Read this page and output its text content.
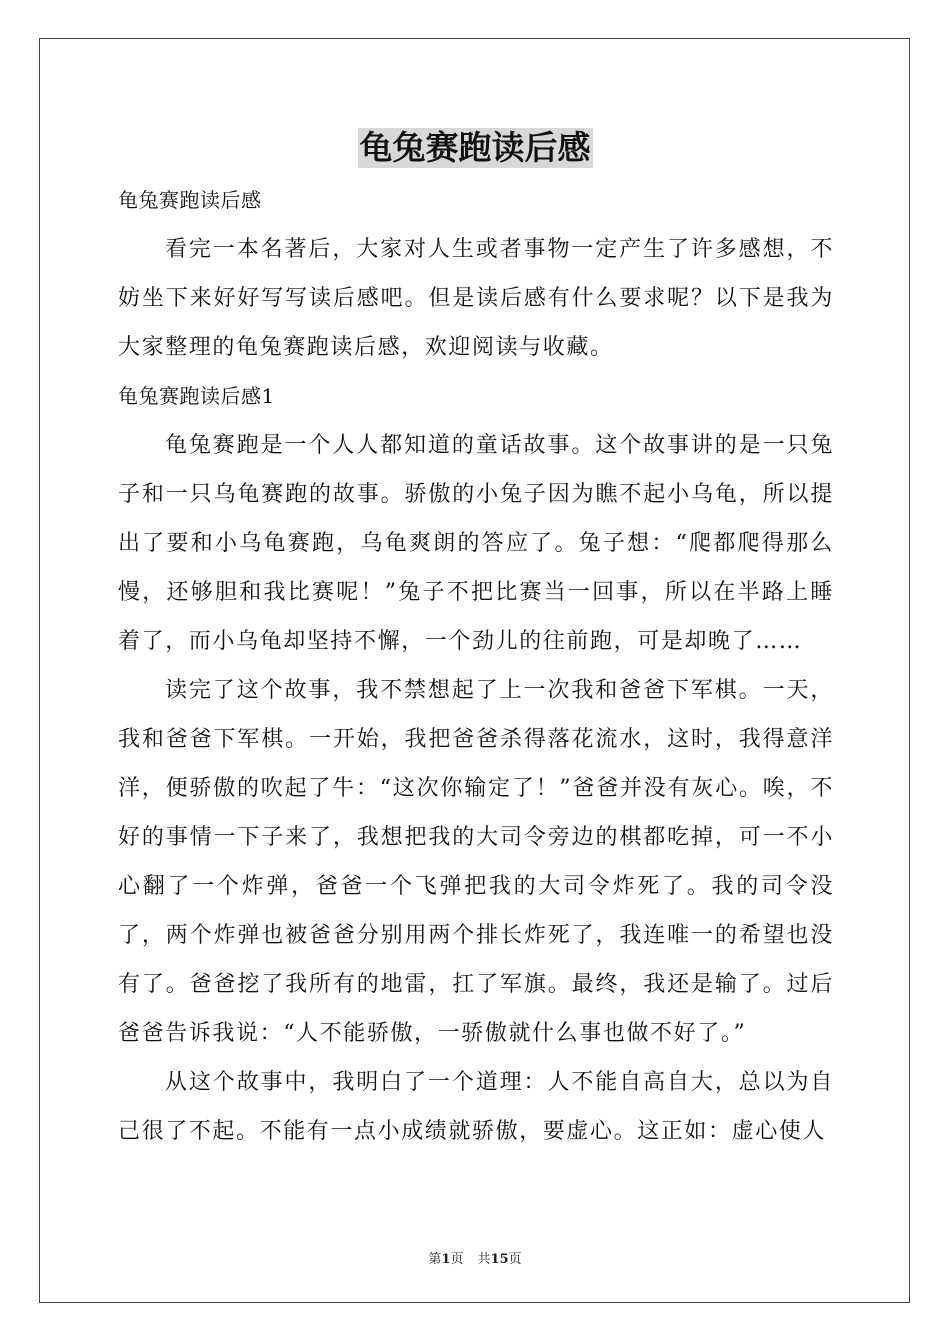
龟兔赛跑读后感

龟兔赛跑读后感

看完一本名著后，大家对人生或者事物一定产生了许多感想，不妨坐下来好好写写读后感吧。但是读后感有什么要求呢？以下是我为大家整理的龟兔赛跑读后感，欢迎阅读与收藏。

龟兔赛跑读后感1

龟兔赛跑是一个人人都知道的童话故事。这个故事讲的是一只兔子和一只乌龟赛跑的故事。骄傲的小兔子因为瞧不起小乌龟，所以提出了要和小乌龟赛跑，乌龟爽朗的答应了。兔子想：“爬都爬得那么慢，还够胆和我比赛呢！”兔子不把比赛当一回事，所以在半路上睡着了，而小乌龟却坚持不懈，一个劲儿的往前跑，可是却晚了……

读完了这个故事，我不禁想起了上一次我和爸爸下军棋。一天，我和爸爸下军棋。一开始，我把爸爸杀得落花流水，这时，我得意洋洋，便骄傲的吹起了牛：“这次你输定了！”爸爸并没有灰心。唉，不好的事情一下子来了，我想把我的大司令旁边的棋都吃掉，可一不小心翻了一个炸弹，爸爸一个飞弹把我的大司令炸死了。我的司令没了，两个炸弹也被爸爸分别用两个排长炸死了，我连唯一的希望也没有了。爸爸挖了我所有的地雷，扛了军旗。最终，我还是输了。过后爸爸告诉我说：“人不能骄傲，一骄傲就什么事也做不好了。”

从这个故事中，我明白了一个道理：人不能自高自大，总以为自己很了不起。不能有一点小成绩就骄傲，要虚心。这正如：虚心使人

第1页 共15页
